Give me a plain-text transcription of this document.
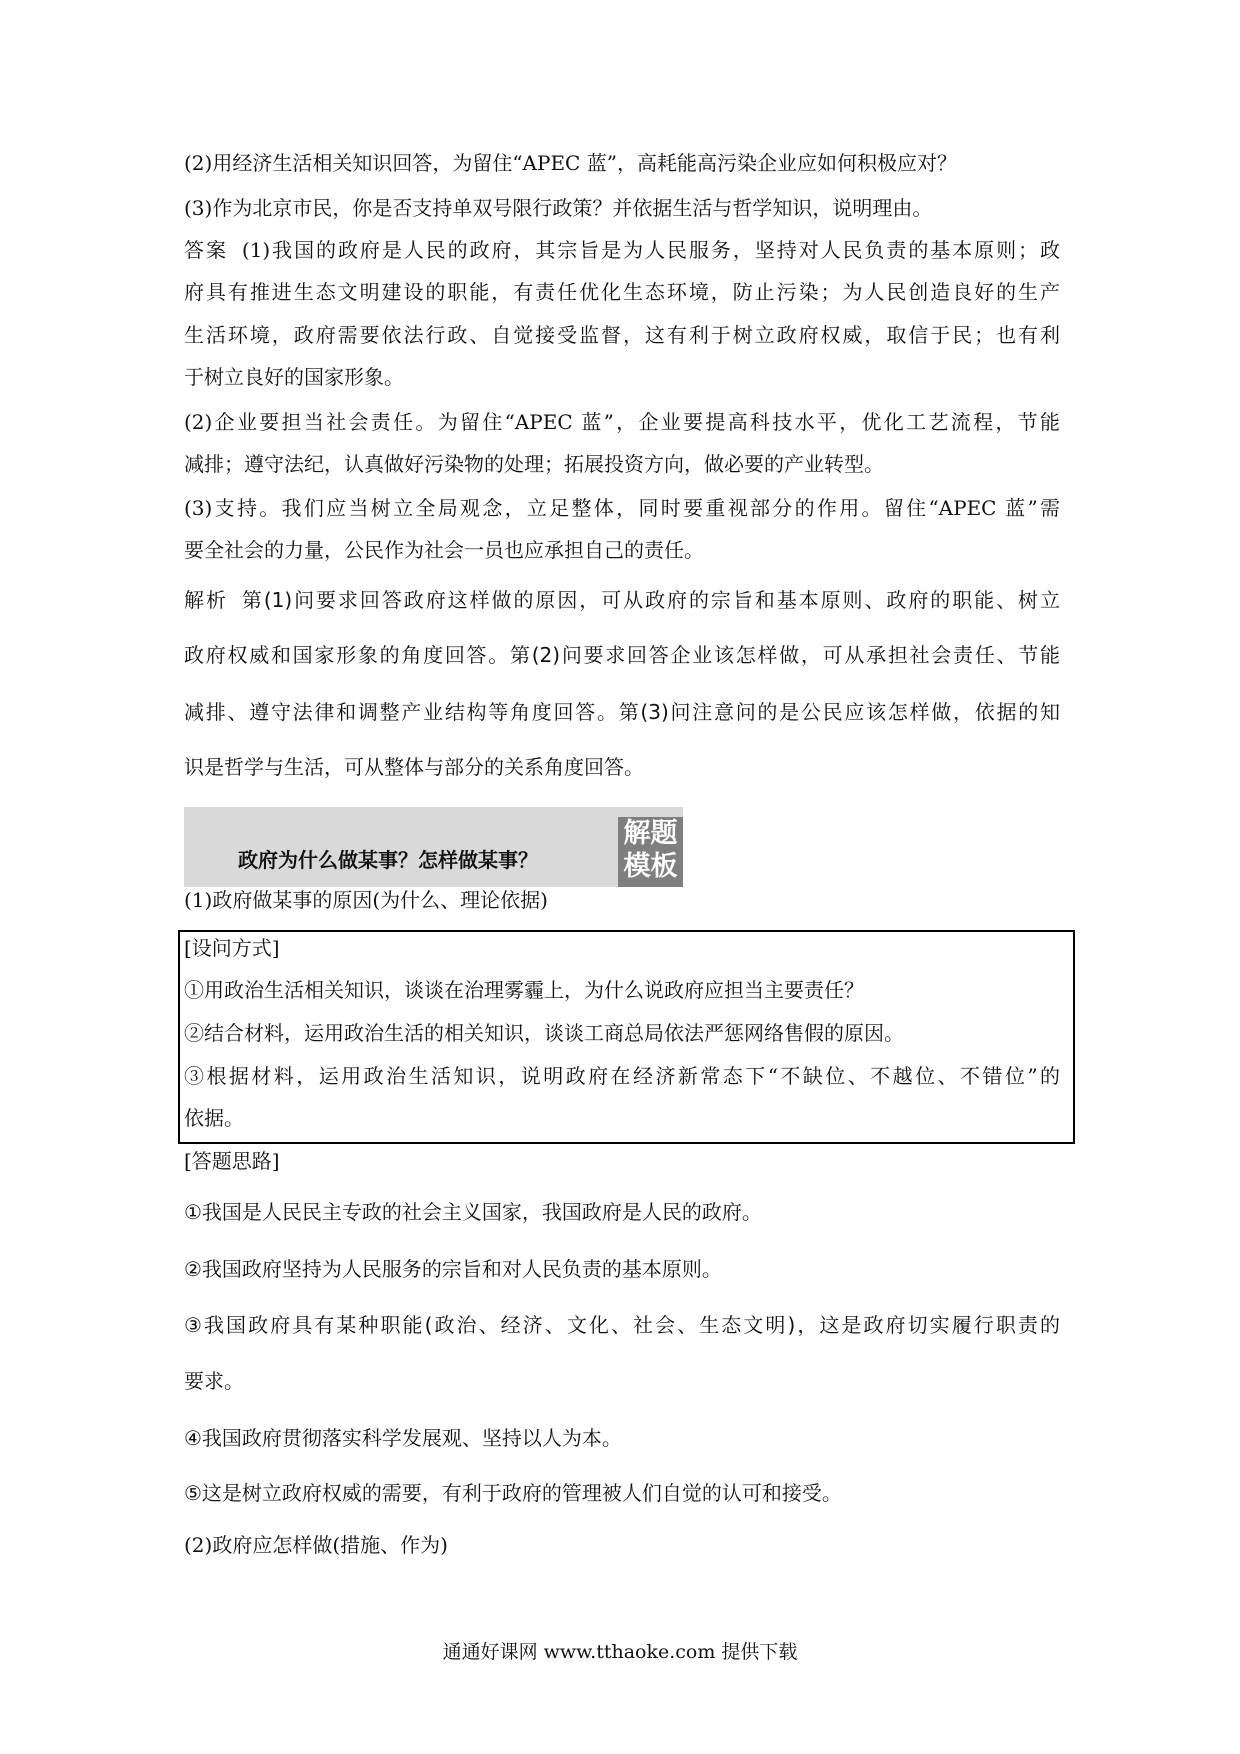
(2)用经济生活相关知识回答，为留住“APEC 蓝”，高耗能高污染企业应如何积极应对？
(3)作为北京市民，你是否支持单双号限行政策？并依据生活与哲学知识，说明理由。
答案 (1)我国的政府是人民的政府，其宗旨是为人民服务，坚持对人民负责的基本原则；政
府具有推进生态文明建设的职能，有责任优化生态环境，防止污染；为人民创造良好的生产
生活环境，政府需要依法行政、自觉接受监督，这有利于树立政府权威，取信于民；也有利
于树立良好的国家形象。
(2)企业要担当社会责任。为留住“APEC 蓝”，企业要提高科技水平，优化工艺流程，节能
减排；遵守法纪，认真做好污染物的处理；拓展投资方向，做必要的产业转型。
(3)支持。我们应当树立全局观念，立足整体，同时要重视部分的作用。留住“APEC 蓝”需
要全社会的力量，公民作为社会一员也应承担自己的责任。
解析 第(1)问要求回答政府这样做的原因，可从政府的宗旨和基本原则、政府的职能、树立
政府权威和国家形象的角度回答。第(2)问要求回答企业该怎样做，可从承担社会责任、节能
减排、遵守法律和调整产业结构等角度回答。第(3)问注意问的是公民应该怎样做，依据的知
识是哲学与生活，可从整体与部分的关系角度回答。
政府为什么做某事？怎样做某事？
解题
模板
(1)政府做某事的原因(为什么、理论依据)
[设问方式]
①用政治生活相关知识，谈谈在治理雾霾上，为什么说政府应担当主要责任？
②结合材料，运用政治生活的相关知识，谈谈工商总局依法严惩网络售假的原因。
③根据材料，运用政治生活知识，说明政府在经济新常态下“不缺位、不越位、不错位”的
依据。
[答题思路]
①我国是人民民主专政的社会主义国家，我国政府是人民的政府。
②我国政府坚持为人民服务的宗旨和对人民负责的基本原则。
③我国政府具有某种职能(政治、经济、文化、社会、生态文明)，这是政府切实履行职责的
要求。
④我国政府贯彻落实科学发展观、坚持以人为本。
⑤这是树立政府权威的需要，有利于政府的管理被人们自觉的认可和接受。
(2)政府应怎样做(措施、作为)
通通好课网 www.tthaoke.com 提供下载
